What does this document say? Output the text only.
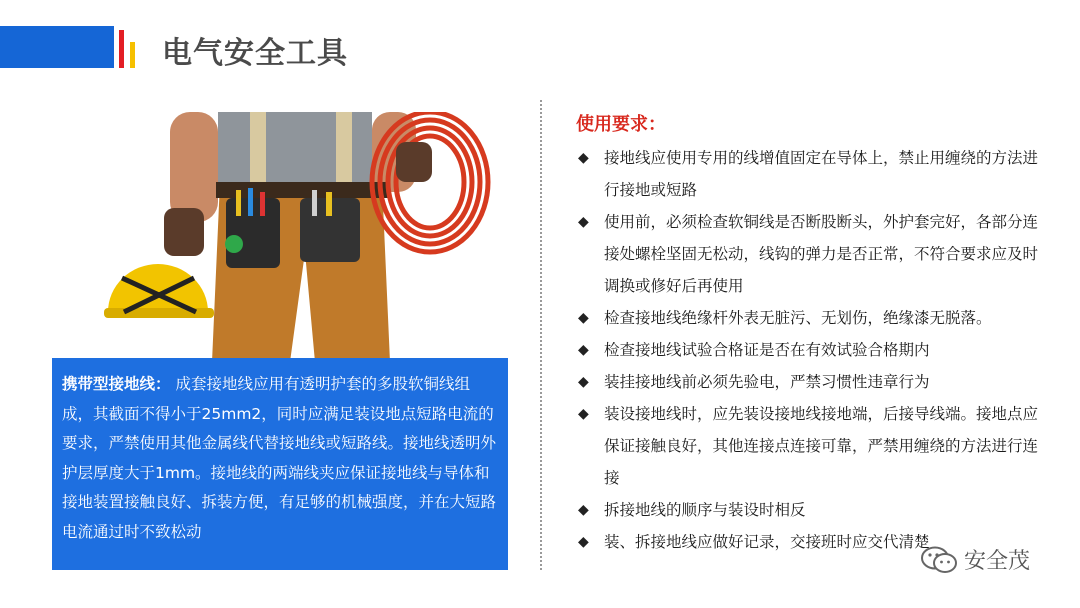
电气安全工具
携带型接地线： 成套接地线应用有透明护套的多股软铜线组成，其截面不得小于25mm2，同时应满足装设地点短路电流的要求，严禁使用其他金属线代替接地线或短路线。接地线透明外护层厚度大于1mm。接地线的两端线夹应保证接地线与导体和接地装置接触良好、拆装方便，有足够的机械强度，并在大短路电流通过时不致松动
使用要求：
◆ 接地线应使用专用的线增值固定在导体上，禁止用缠绕的方法进行接地或短路
◆ 使用前，必须检查软铜线是否断股断头，外护套完好，各部分连接处螺栓坚固无松动，线钩的弹力是否正常，不符合要求应及时调换或修好后再使用
◆ 检查接地线绝缘杆外表无脏污、无划伤，绝缘漆无脱落。
◆ 检查接地线试验合格证是否在有效试验合格期内
◆ 装挂接地线前必须先验电，严禁习惯性违章行为
◆ 装设接地线时，应先装设接地线接地端，后接导线端。接地点应保证接触良好，其他连接点连接可靠，严禁用缠绕的方法进行连接
◆ 拆接地线的顺序与装设时相反
◆ 装、拆接地线应做好记录，交接班时应交代清楚
安全茂
